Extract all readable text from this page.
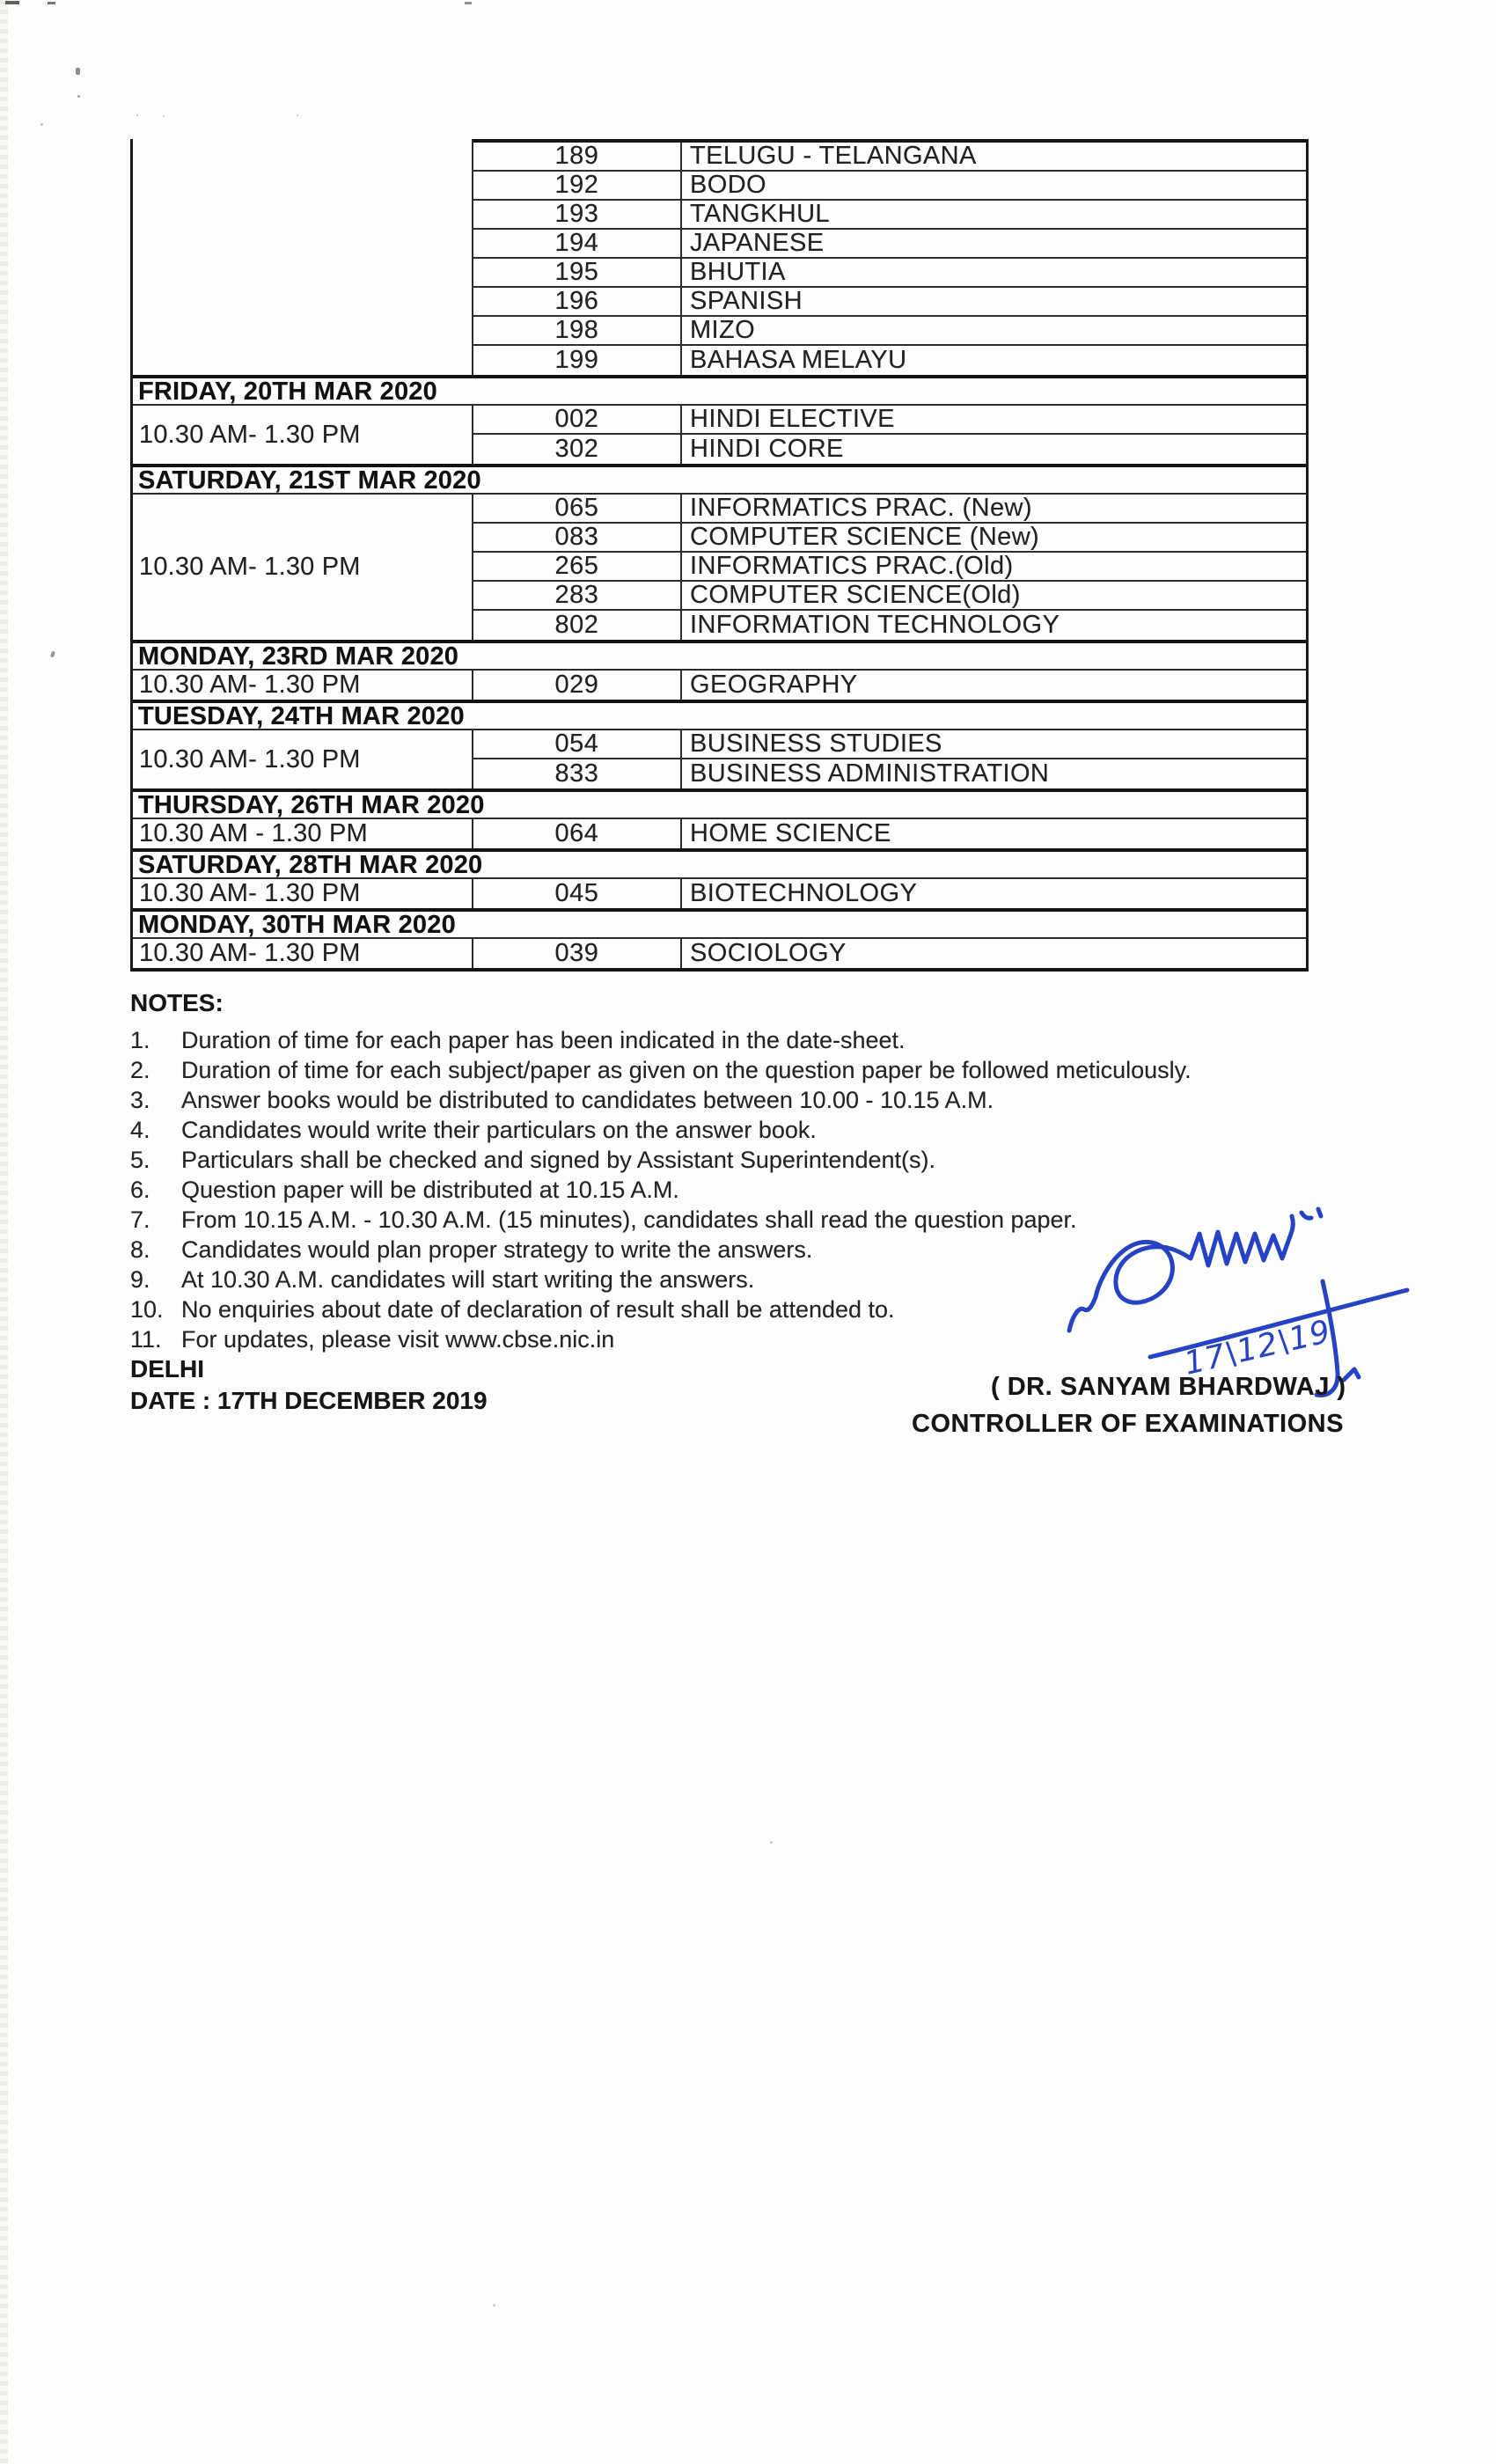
189	TELUGU - TELANGANA
192	BODO
193	TANGKHUL
194	JAPANESE
195	BHUTIA
196	SPANISH
198	MIZO
199	BAHASA MELAYU
FRIDAY, 20TH MAR 2020
10.30 AM- 1.30 PM
002	HINDI ELECTIVE
302	HINDI CORE
SATURDAY, 21ST MAR 2020
10.30 AM- 1.30 PM
065	INFORMATICS PRAC. (New)
083	COMPUTER SCIENCE (New)
265	INFORMATICS PRAC.(Old)
283	COMPUTER SCIENCE(Old)
802	INFORMATION TECHNOLOGY
MONDAY, 23RD MAR 2020
10.30 AM- 1.30 PM	029	GEOGRAPHY
TUESDAY, 24TH MAR 2020
10.30 AM- 1.30 PM
054	BUSINESS STUDIES
833	BUSINESS ADMINISTRATION
THURSDAY, 26TH MAR 2020
10.30 AM - 1.30 PM	064	HOME SCIENCE
SATURDAY, 28TH MAR 2020
10.30 AM- 1.30 PM	045	BIOTECHNOLOGY
MONDAY, 30TH MAR 2020
10.30 AM- 1.30 PM	039	SOCIOLOGY
NOTES:
1.	Duration of time for each paper has been indicated in the date-sheet.
2.	Duration of time for each subject/paper as given on the question paper be followed meticulously.
3.	Answer books would be distributed to candidates between 10.00 - 10.15 A.M.
4.	Candidates would write their particulars on the answer book.
5.	Particulars shall be checked and signed by Assistant Superintendent(s).
6.	Question paper will be distributed at 10.15 A.M.
7.	From 10.15 A.M. - 10.30 A.M. (15 minutes), candidates shall read the question paper.
8.	Candidates would plan proper strategy to write the answers.
9.	At 10.30 A.M. candidates will start writing the answers.
10. No enquiries about date of declaration of result shall be attended to.
11. For updates, please visit www.cbse.nic.in
DELHI
DATE : 17TH DECEMBER 2019
17\12\19
( DR. SANYAM BHARDWAJ )
CONTROLLER OF EXAMINATIONS
